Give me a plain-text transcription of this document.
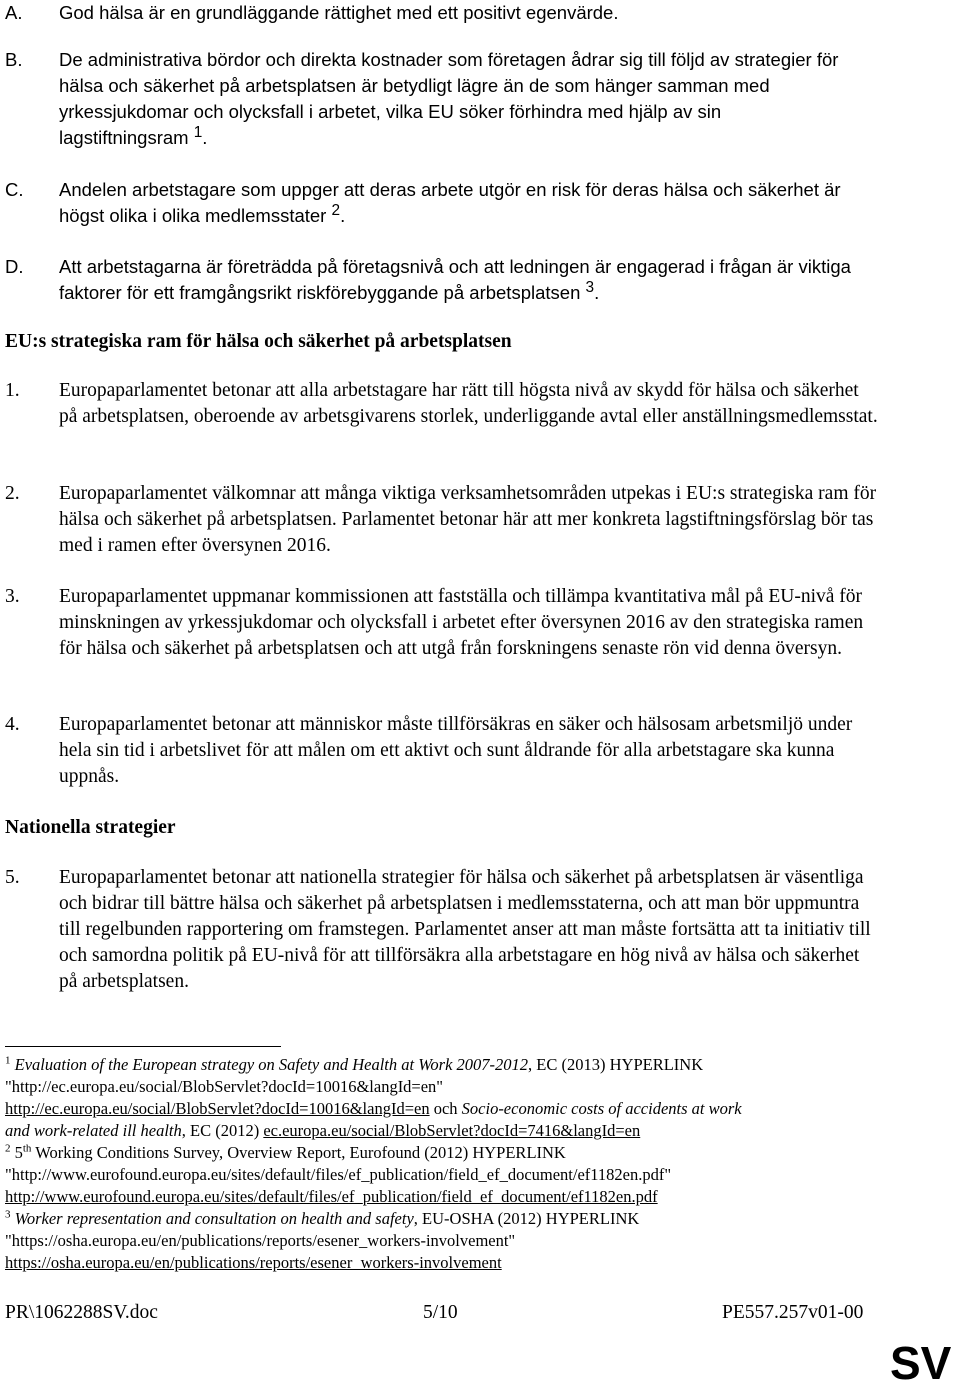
A. God hälsa är en grundläggande rättighet med ett positivt egenvärde.
B. De administrativa bördor och direkta kostnader som företagen ådrar sig till följd av strategier för hälsa och säkerhet på arbetsplatsen är betydligt lägre än de som hänger samman med yrkessjukdomar och olycksfall i arbetet, vilka EU söker förhindra med hjälp av sin lagstiftningsram $^1$.
C. Andelen arbetstagare som uppger att deras arbete utgör en risk för deras hälsa och säkerhet är högst olika i olika medlemsstater $^2$.
D. Att arbetstagarna är företrädda på företagsnivå och att ledningen är engagerad i frågan är viktiga faktorer för ett framgångsrikt riskförebyggande på arbetsplatsen $^3$.
EU:s strategiska ram för hälsa och säkerhet på arbetsplatsen
1. Europaparlamentet betonar att alla arbetstagare har rätt till högsta nivå av skydd för hälsa och säkerhet på arbetsplatsen, oberoende av arbetsgivarens storlek, underliggande avtal eller anställningsmedlemsstat.
2. Europaparlamentet välkomnar att många viktiga verksamhetsområden utpekas i EU:s strategiska ram för hälsa och säkerhet på arbetsplatsen. Parlamentet betonar här att mer konkreta lagstiftningsförslag bör tas med i ramen efter översynen 2016.
3. Europaparlamentet uppmanar kommissionen att fastställa och tillämpa kvantitativa mål på EU-nivå för minskningen av yrkessjukdomar och olycksfall i arbetet efter översynen 2016 av den strategiska ramen för hälsa och säkerhet på arbetsplatsen och att utgå från forskningens senaste rön vid denna översyn.
4. Europaparlamentet betonar att människor måste tillförsäkras en säker och hälsosam arbetsmiljö under hela sin tid i arbetslivet för att målen om ett aktivt och sunt åldrande för alla arbetstagare ska kunna uppnås.
Nationella strategier
5. Europaparlamentet betonar att nationella strategier för hälsa och säkerhet på arbetsplatsen är väsentliga och bidrar till bättre hälsa och säkerhet på arbetsplatsen i medlemsstaterna, och att man bör uppmuntra till regelbunden rapportering om framstegen. Parlamentet anser att man måste fortsätta att ta initiativ till och samordna politik på EU-nivå för att tillförsäkra alla arbetstagare en hög nivå av hälsa och säkerhet på arbetsplatsen.
$^1$ Evaluation of the European strategy on Safety and Health at Work 2007-2012, EC (2013) HYPERLINK
"http://ec.europa.eu/social/BlobServlet?docId=10016&langId=en"
http://ec.europa.eu/social/BlobServlet?docId=10016&langId=en och Socio-economic costs of accidents at work
and work-related ill health, EC (2012) ec.europa.eu/social/BlobServlet?docId=7416&langId=en
$^2$ 5th Working Conditions Survey, Overview Report, Eurofound (2012) HYPERLINK
"http://www.eurofound.europa.eu/sites/default/files/ef_publication/field_ef_document/ef1182en.pdf"
http://www.eurofound.europa.eu/sites/default/files/ef_publication/field_ef_document/ef1182en.pdf
$^3$ Worker representation and consultation on health and safety, EU-OSHA (2012) HYPERLINK
"https://osha.europa.eu/en/publications/reports/esener_workers-involvement"
https://osha.europa.eu/en/publications/reports/esener_workers-involvement
PR\1062288SV.doc	5/10	PE557.257v01-00
SV
